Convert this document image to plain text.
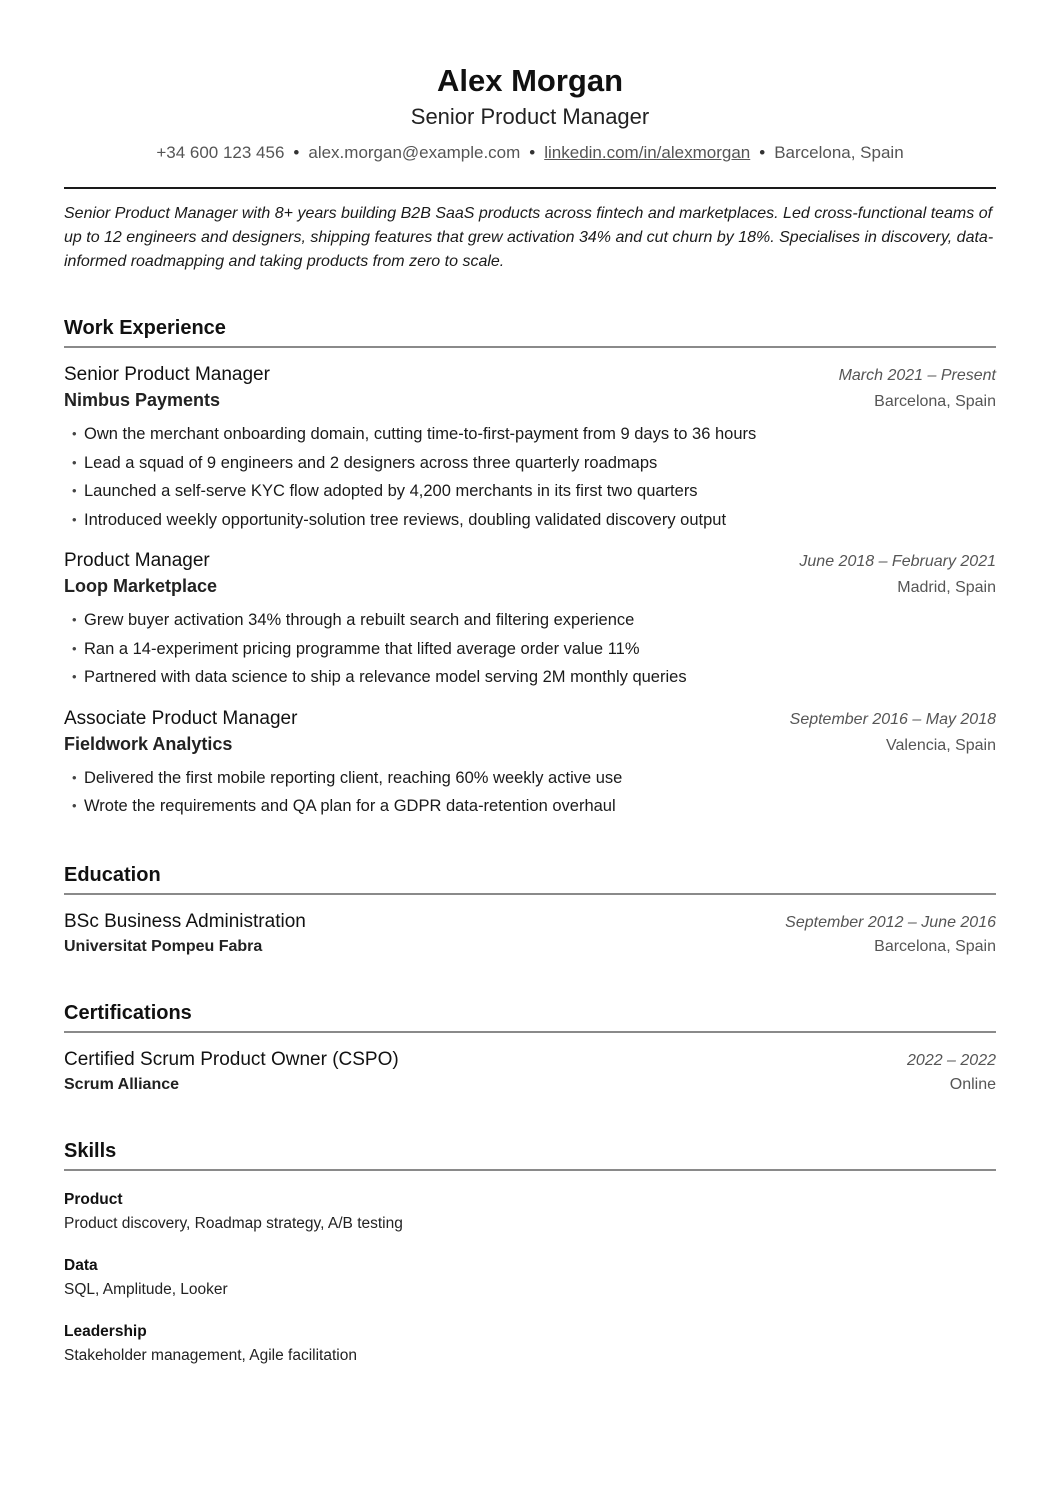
Alex Morgan
Senior Product Manager
+34 600 123 456 • alex.morgan@example.com • linkedin.com/in/alexmorgan • Barcelona, Spain
Senior Product Manager with 8+ years building B2B SaaS products across fintech and marketplaces. Led cross-functional teams of up to 12 engineers and designers, shipping features that grew activation 34% and cut churn by 18%. Specialises in discovery, data-informed roadmapping and taking products from zero to scale.
Work Experience
Senior Product Manager	March 2021 – Present
Nimbus Payments	Barcelona, Spain
• Own the merchant onboarding domain, cutting time-to-first-payment from 9 days to 36 hours
• Lead a squad of 9 engineers and 2 designers across three quarterly roadmaps
• Launched a self-serve KYC flow adopted by 4,200 merchants in its first two quarters
• Introduced weekly opportunity-solution tree reviews, doubling validated discovery output
Product Manager	June 2018 – February 2021
Loop Marketplace	Madrid, Spain
• Grew buyer activation 34% through a rebuilt search and filtering experience
• Ran a 14-experiment pricing programme that lifted average order value 11%
• Partnered with data science to ship a relevance model serving 2M monthly queries
Associate Product Manager	September 2016 – May 2018
Fieldwork Analytics	Valencia, Spain
• Delivered the first mobile reporting client, reaching 60% weekly active use
• Wrote the requirements and QA plan for a GDPR data-retention overhaul
Education
BSc Business Administration	September 2012 – June 2016
Universitat Pompeu Fabra	Barcelona, Spain
Certifications
Certified Scrum Product Owner (CSPO)	2022 – 2022
Scrum Alliance	Online
Skills
Product
Product discovery, Roadmap strategy, A/B testing
Data
SQL, Amplitude, Looker
Leadership
Stakeholder management, Agile facilitation
